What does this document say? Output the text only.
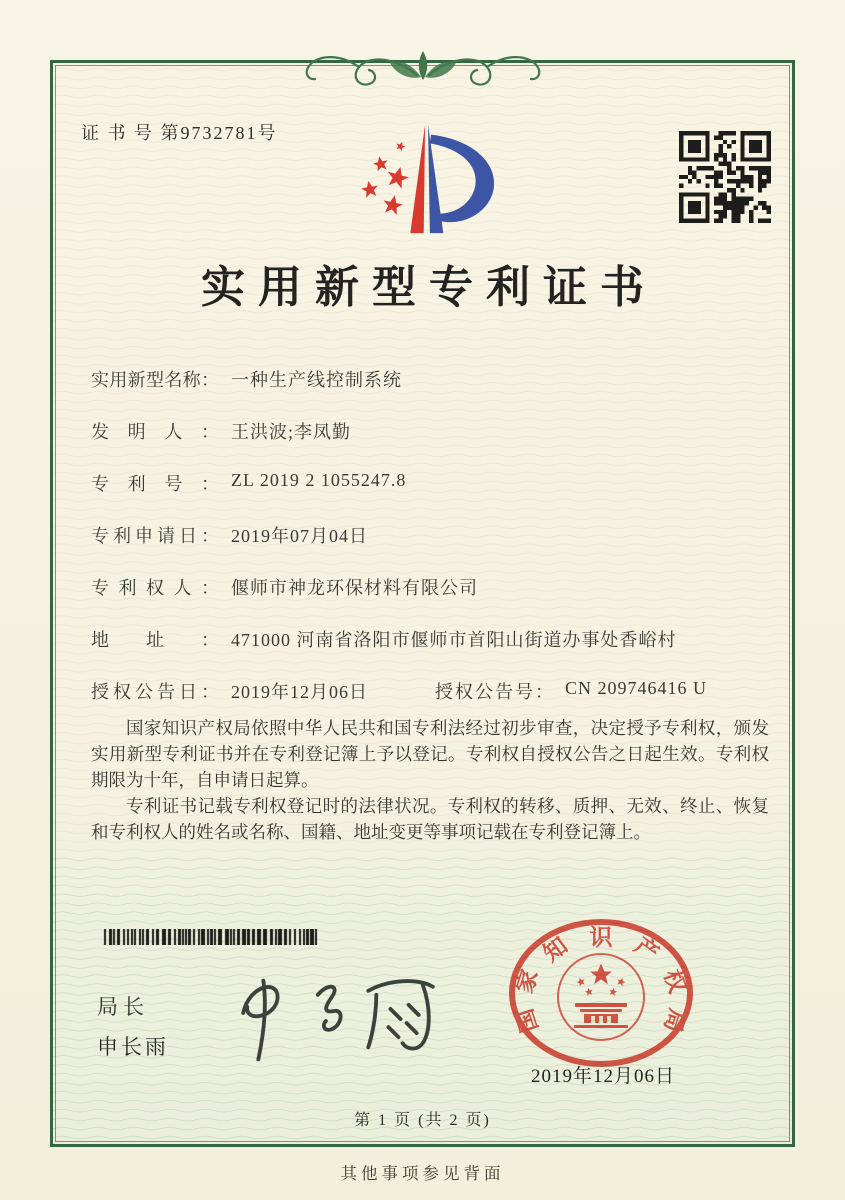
证 书 号 第9732781号
实用新型专利证书
实用新型名称： 一种生产线控制系统
发明人： 王洪波;李凤勤
专利号： ZL 2019 2 1055247.8
专利申请日： 2019年07月04日
专利权人： 偃师市神龙环保材料有限公司
地址： 471000 河南省洛阳市偃师市首阳山街道办事处香峪村
授权公告日： 2019年12月06日	授权公告号： CN 209746416 U

国家知识产权局依照中华人民共和国专利法经过初步审查，决定授予专利权，颁发实用新型专利证书并在专利登记簿上予以登记。专利权自授权公告之日起生效。专利权期限为十年，自申请日起算。

专利证书记载专利权登记时的法律状况。专利权的转移、质押、无效、终止、恢复和专利权人的姓名或名称、国籍、地址变更等事项记载在专利登记簿上。

局长
申长雨
国
家
知 识 产
权
局
2019年12月06日
第 1 页 (共 2 页)
其他事项参见背面
